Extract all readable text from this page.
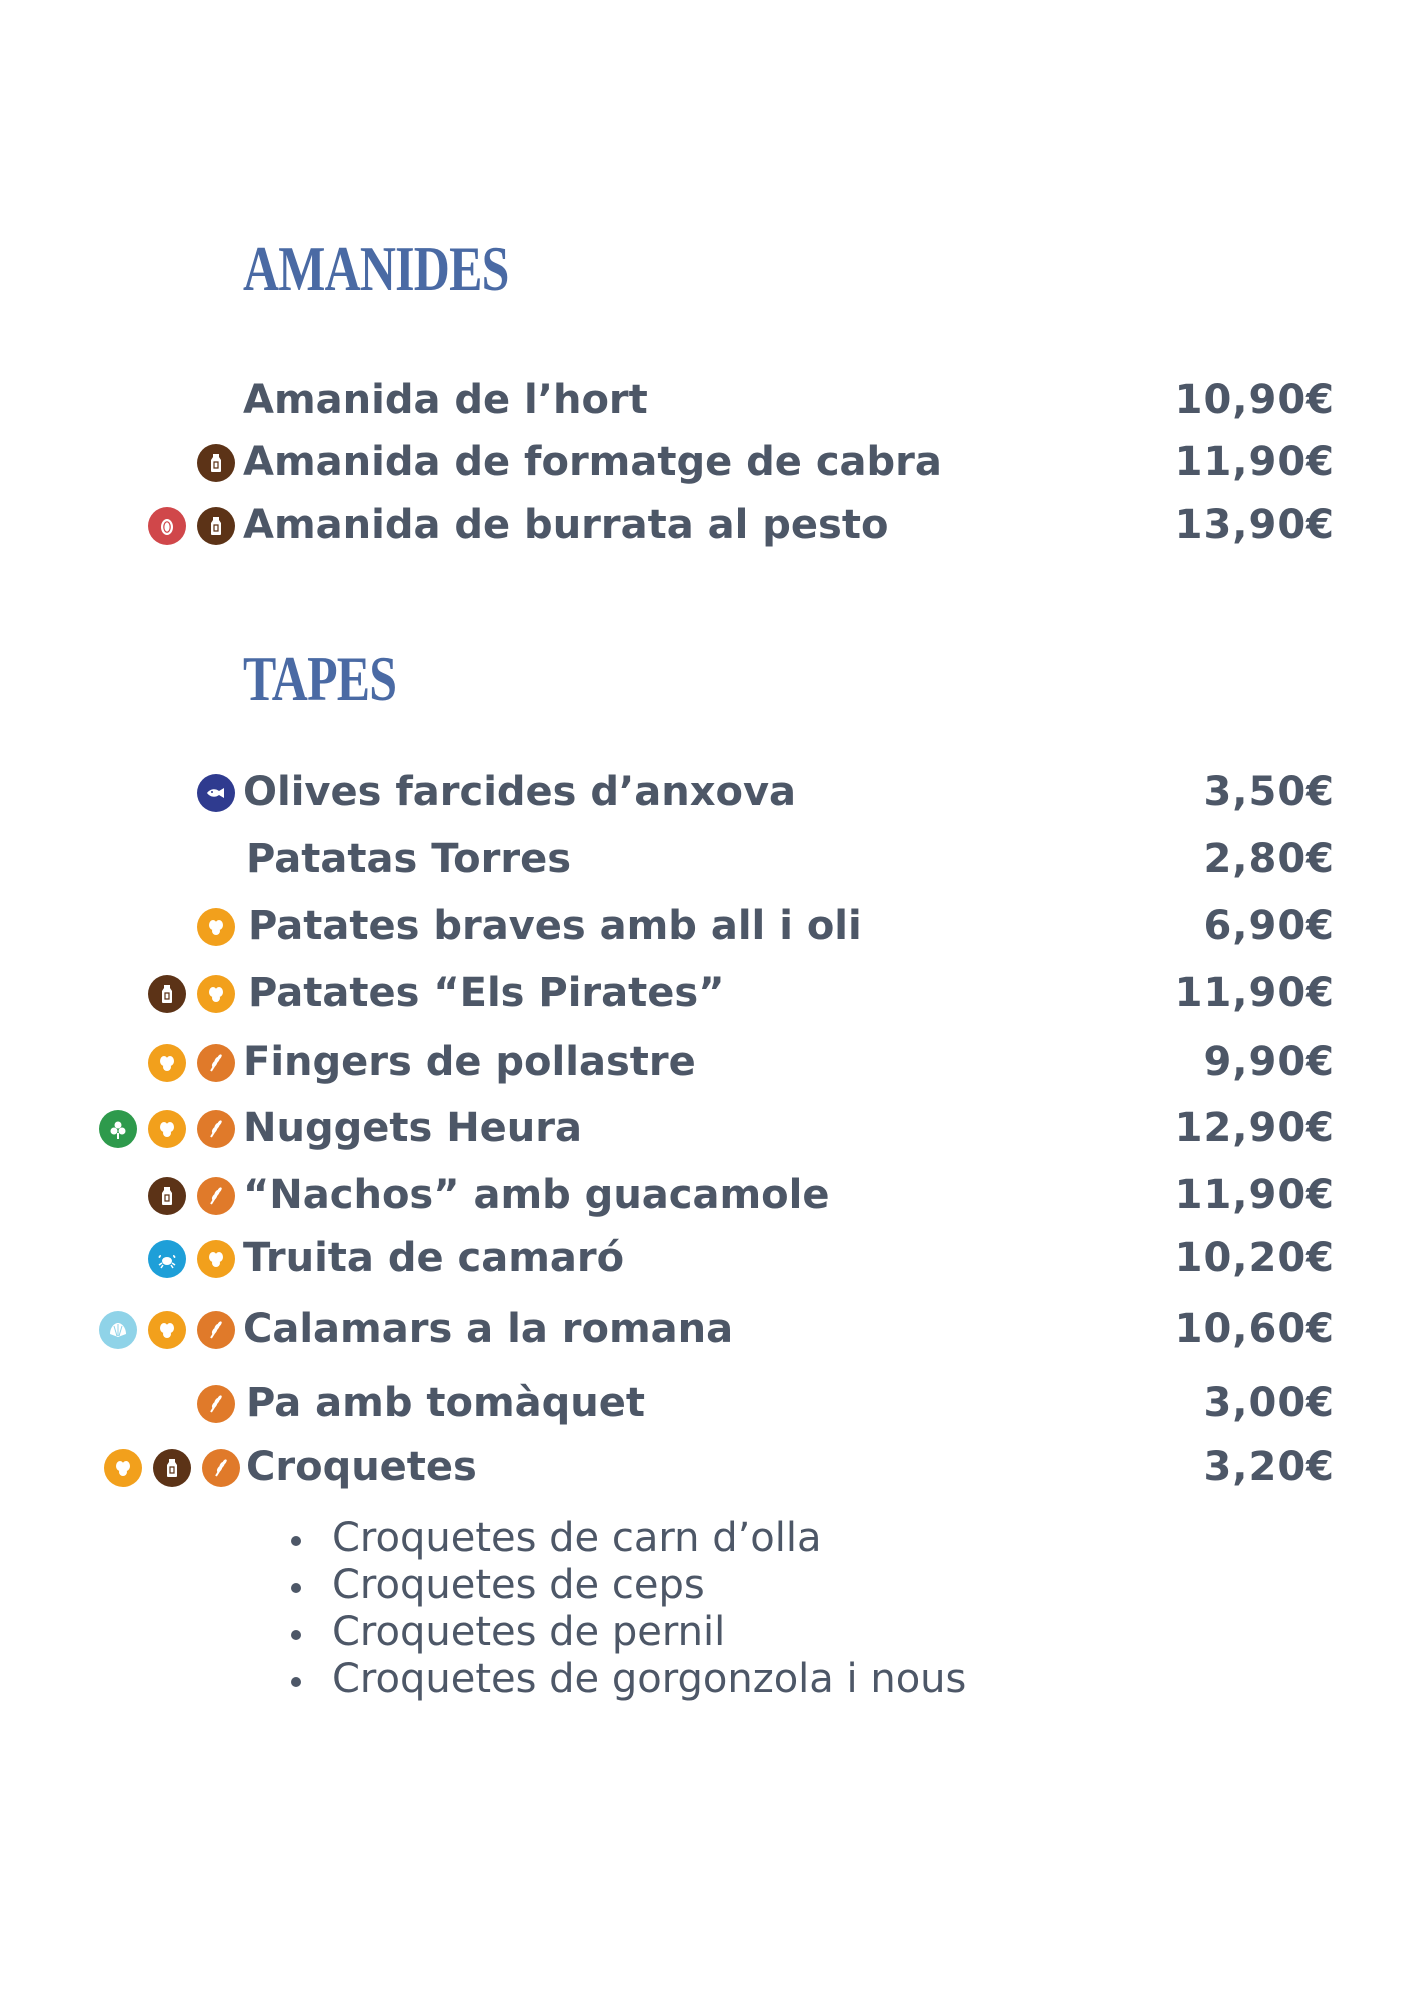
AMANIDES
Amanida de l’hort	10,90€
Amanida de formatge de cabra	11,90€
Amanida de burrata al pesto	13,90€
TAPES
Olives farcides d’anxova	3,50€
Patatas Torres	2,80€
Patates braves amb all i oli	6,90€
Patates “Els Pirates”	11,90€
Fingers de pollastre	9,90€
Nuggets Heura	12,90€
“Nachos” amb guacamole	11,90€
Truita de camaró	10,20€
Calamars a la romana	10,60€
Pa amb tomàquet	3,00€
Croquetes	3,20€
• Croquetes de carn d’olla
• Croquetes de ceps
• Croquetes de pernil
• Croquetes de gorgonzola i nous
